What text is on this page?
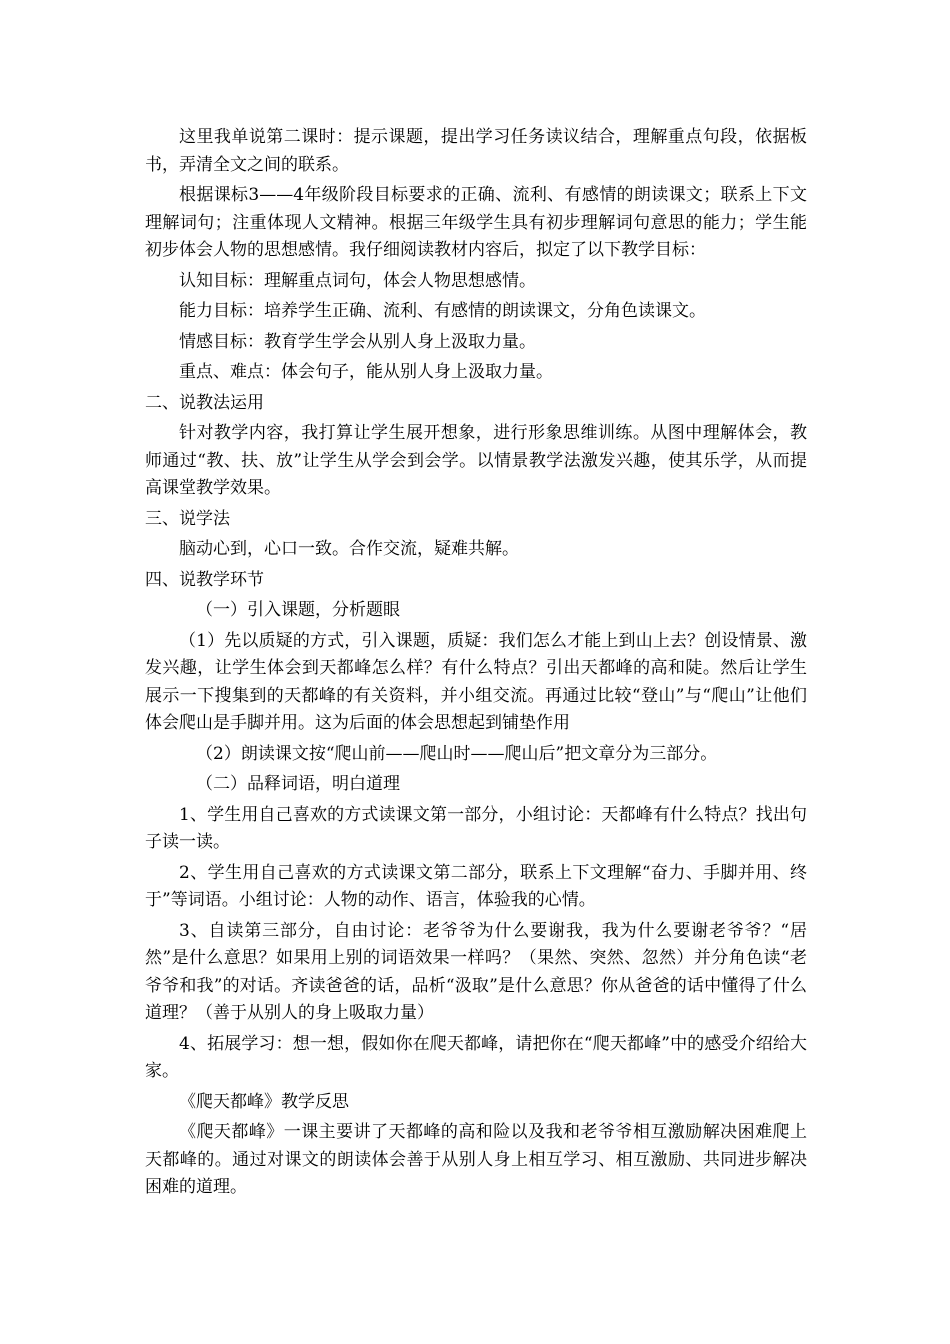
这里我单说第二课时：提示课题，提出学习任务读议结合，理解重点句段，依据板书，弄清全文之间的联系。

根据课标3——4年级阶段目标要求的正确、流利、有感情的朗读课文；联系上下文理解词句；注重体现人文精神。根据三年级学生具有初步理解词句意思的能力；学生能初步体会人物的思想感情。我仔细阅读教材内容后，拟定了以下教学目标：

认知目标：理解重点词句，体会人物思想感情。

能力目标：培养学生正确、流利、有感情的朗读课文，分角色读课文。

情感目标：教育学生学会从别人身上汲取力量。

重点、难点：体会句子，能从别人身上汲取力量。

二、说教法运用

针对教学内容，我打算让学生展开想象，进行形象思维训练。从图中理解体会，教师通过“教、扶、放”让学生从学会到会学。以情景教学法激发兴趣，使其乐学，从而提高课堂教学效果。

三、说学法

脑动心到，心口一致。合作交流，疑难共解。

四、说教学环节

（一）引入课题，分析题眼

（1）先以质疑的方式，引入课题，质疑：我们怎么才能上到山上去？创设情景、激发兴趣，让学生体会到天都峰怎么样？有什么特点？引出天都峰的高和陡。然后让学生展示一下搜集到的天都峰的有关资料，并小组交流。再通过比较“登山”与“爬山”让他们体会爬山是手脚并用。这为后面的体会思想起到铺垫作用

（2）朗读课文按“爬山前——爬山时——爬山后”把文章分为三部分。

（二）品释词语，明白道理

1、学生用自己喜欢的方式读课文第一部分，小组讨论：天都峰有什么特点？找出句子读一读。

2、学生用自己喜欢的方式读课文第二部分，联系上下文理解“奋力、手脚并用、终于”等词语。小组讨论：人物的动作、语言，体验我的心情。

3、自读第三部分，自由讨论：老爷爷为什么要谢我，我为什么要谢老爷爷？“居然”是什么意思？如果用上别的词语效果一样吗？（果然、突然、忽然）并分角色读“老爷爷和我”的对话。齐读爸爸的话，品析“汲取”是什么意思？你从爸爸的话中懂得了什么道理？（善于从别人的身上吸取力量）

4、拓展学习：想一想，假如你在爬天都峰，请把你在“爬天都峰”中的感受介绍给大家。

《爬天都峰》教学反思

《爬天都峰》一课主要讲了天都峰的高和险以及我和老爷爷相互激励解决困难爬上天都峰的。通过对课文的朗读体会善于从别人身上相互学习、相互激励、共同进步解决困难的道理。
